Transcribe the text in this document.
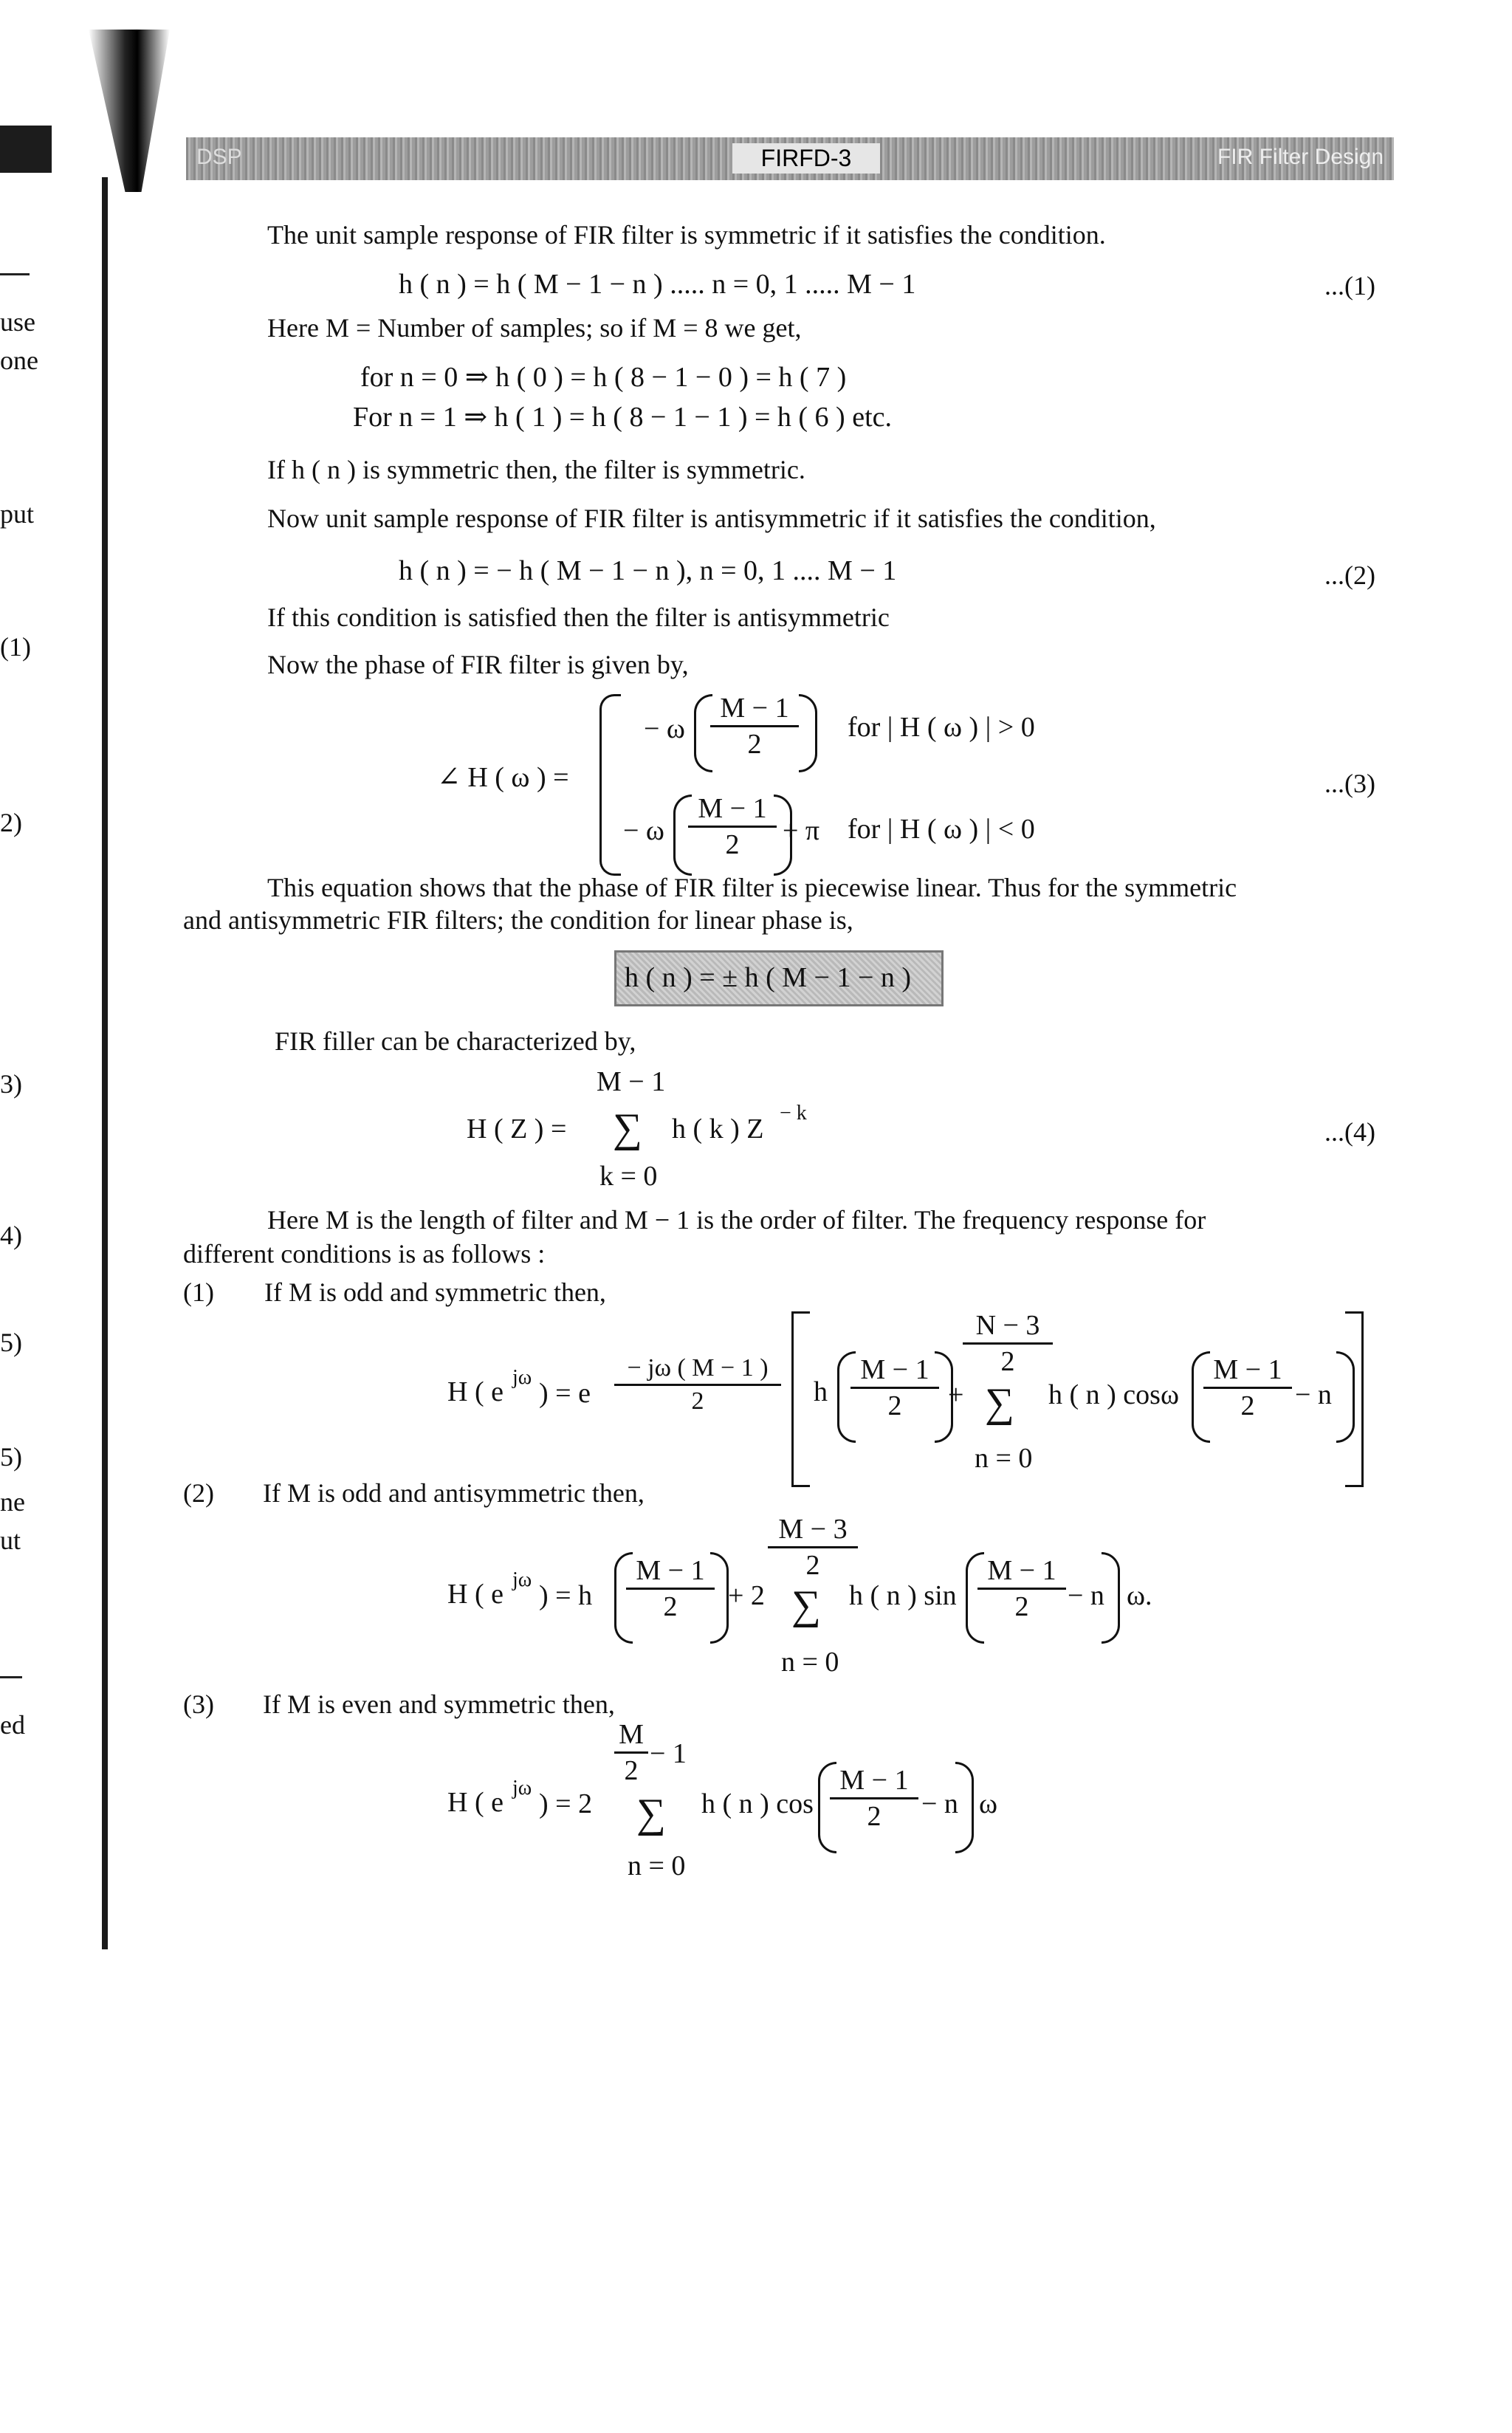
use
one
put
(1)
2)
3)
4)
5)
5)
ne
ut
ed
DSP	FIRFD-3	FIR Filter Design
The unit sample response of FIR filter is symmetric if it satisfies the condition.
h ( n ) = h ( M − 1 − n ) ..... n = 0, 1 ..... M − 1	...(1)
Here M = Number of samples; so if M = 8 we get,
for n = 0 ⇒ h ( 0 ) = h ( 8 − 1 − 0 ) = h ( 7 )
For n = 1 ⇒ h ( 1 ) = h ( 8 − 1 − 1 ) = h ( 6 ) etc.
If h ( n ) is symmetric then, the filter is symmetric.
Now unit sample response of FIR filter is antisymmetric if it satisfies the condition,
h ( n ) = − h ( M − 1 − n ), n = 0, 1 .... M − 1	...(2)
If this condition is satisfied then the filter is antisymmetric
Now the phase of FIR filter is given by,
∠ H ( ω ) =
− ω $\frac{M - 1}{2}$ for | H ( ω ) | > 0
− ω $\frac{M - 1}{2} + \pi$ for | H ( ω ) | < 0
...(3)
This equation shows that the phase of FIR filter is piecewise linear. Thus for the symmetric
and antisymmetric FIR filters; the condition for linear phase is,
h ( n ) = ± h ( M − 1 − n )
FIR filler can be characterized by,
M − 1
H ( Z ) = ∑ h ( k ) Z
− k
k = 0
...(4)
Here M is the length of filter and M − 1 is the order of filter. The frequency response for
different conditions is as follows :
(1) If M is odd and symmetric then,
H ( e jω
) = e $\frac{- j\omega ( M - 1 )}{2}$ h $\frac{M - 1}{2}$ +
$\frac{N - 3}{2}$
∑
n = 0
h ( n ) cosω $\frac{M - 1}{2} - n$
(2) If M is odd and antisymmetric then,
H ( e jω
) = h $\frac{M - 1}{2} + 2$
$\frac{M - 3}{2}$
∑
n = 0
h ( n ) $\sin \frac{M - 1}{2} - n$ ω.
(3) If M is even and symmetric then,
H ( e jω
) = 2
$\frac{M}{2} - 1$
∑
n = 0
h ( n ) $\cos \frac{M - 1}{2} - n$ ω
